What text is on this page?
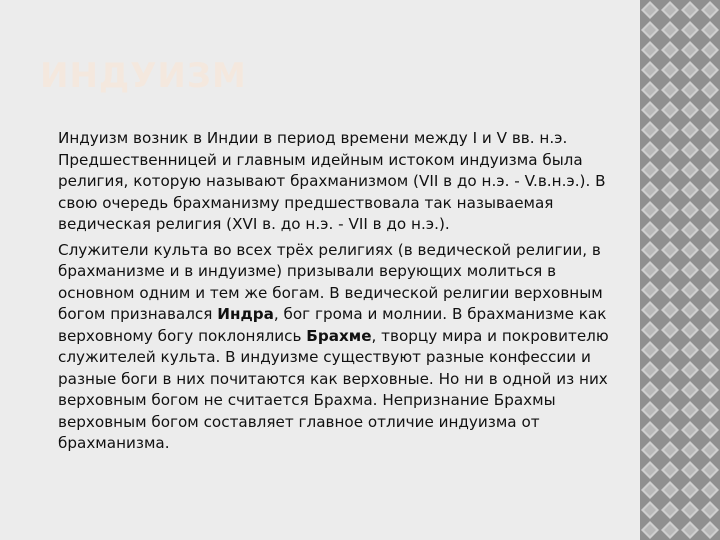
ИНДУИЗМ
Индуизм возник в Индии в период времени между I и V вв. н.э. Предшественницей и главным идейным истоком индуизма была религия, которую называют брахманизмом (VII в до н.э. - V.в.н.э.). В свою очередь брахманизму предшествовала так называемая ведическая религия (XVI в. до н.э. - VII в до н.э.).
Служители культа во всех трёх религиях (в ведической религии, в брахманизме и в индуизме) призывали верующих молиться в основном одним и тем же богам. В ведической религии верховным богом признавался Индра, бог грома и молнии. В брахманизме как верховному богу поклонялись Брахме, творцу мира и покровителю служителей культа. В индуизме существуют разные конфессии и разные боги в них почитаются как верховные. Но ни в одной из них верховным богом не считается Брахма. Непризнание Брахмы верховным богом составляет главное отличие индуизма от брахманизма.
